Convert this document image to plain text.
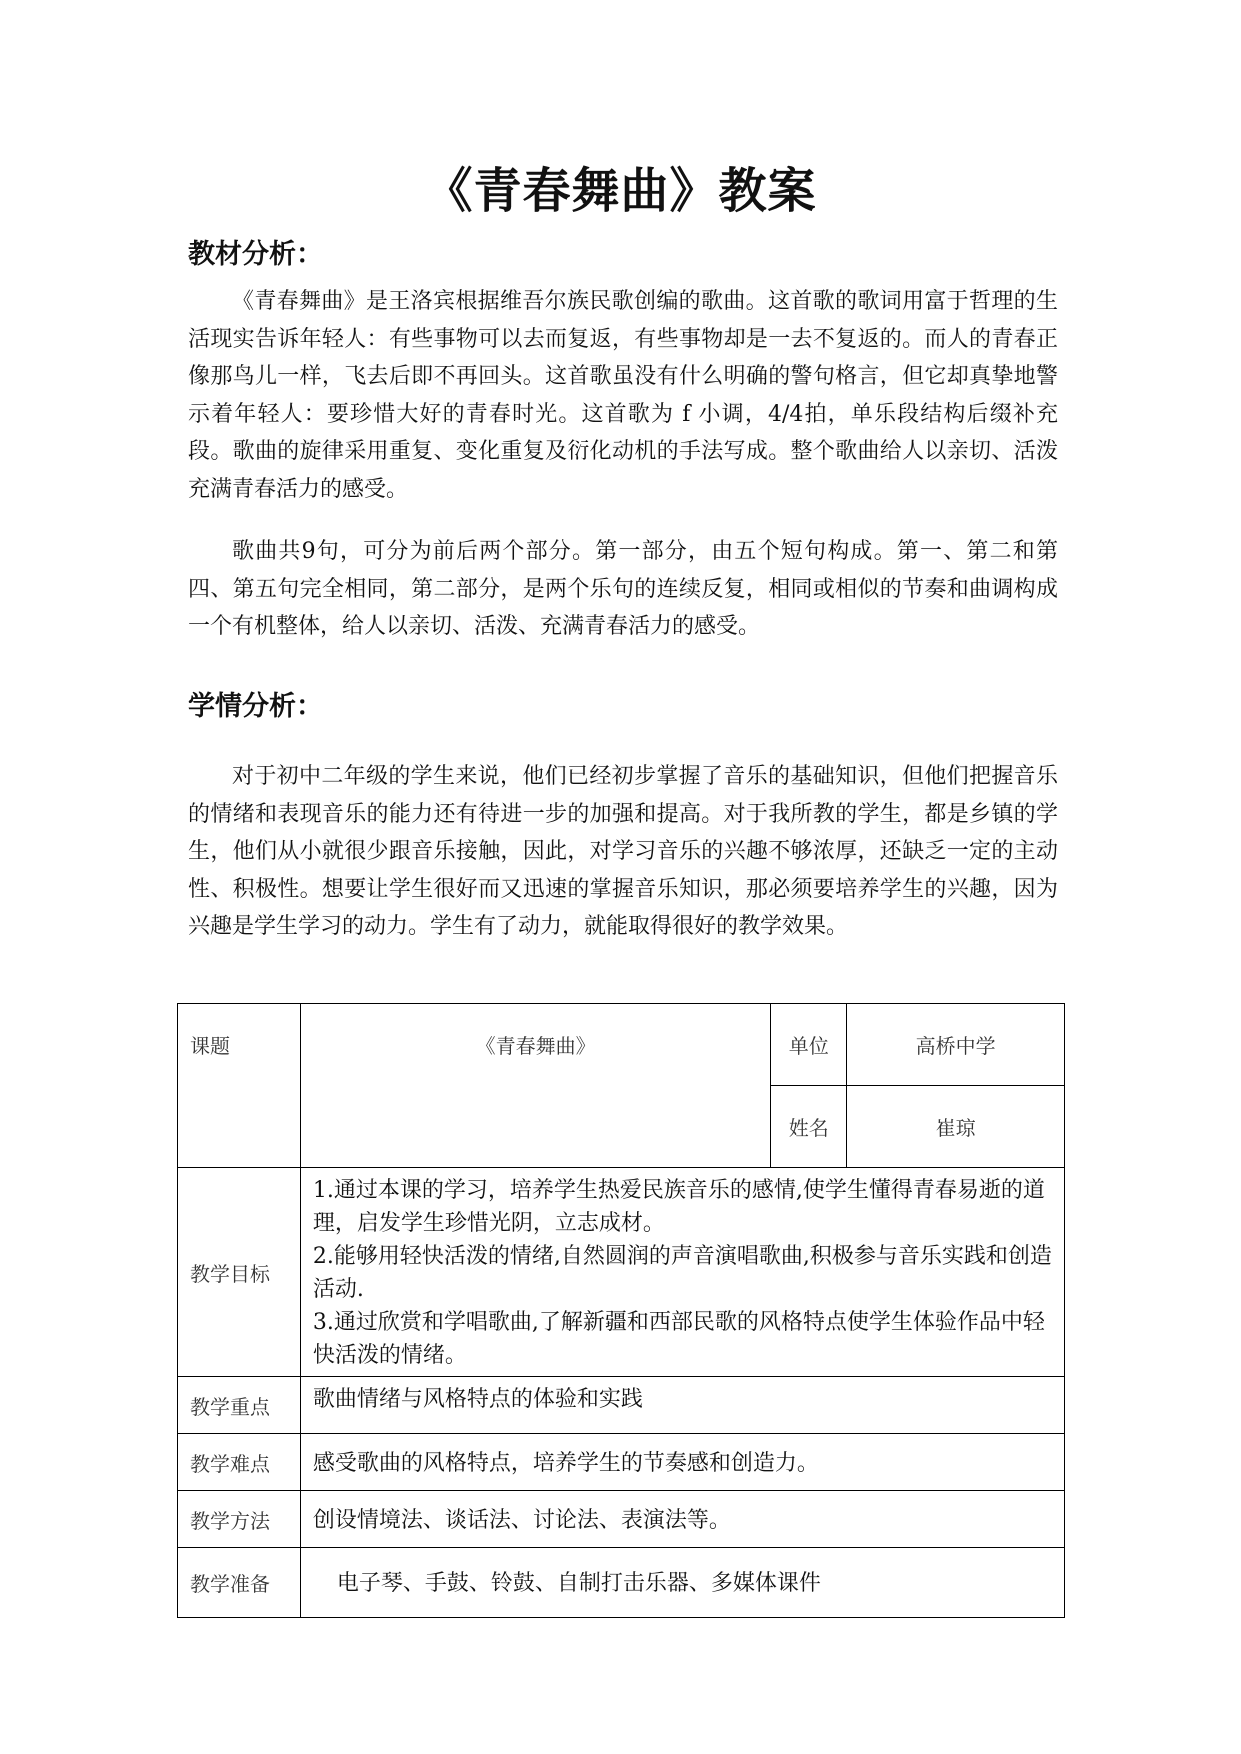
《青春舞曲》教案
教材分析：

《青春舞曲》是王洛宾根据维吾尔族民歌创编的歌曲。这首歌的歌词用富于哲理的生活现实告诉年轻人：有些事物可以去而复返，有些事物却是一去不复返的。而人的青春正像那鸟儿一样，飞去后即不再回头。这首歌虽没有什么明确的警句格言，但它却真挚地警示着年轻人：要珍惜大好的青春时光。这首歌为 f 小调，4/4拍，单乐段结构后缀补充段。歌曲的旋律采用重复、变化重复及衍化动机的手法写成。整个歌曲给人以亲切、活泼充满青春活力的感受。

歌曲共9句，可分为前后两个部分。第一部分，由五个短句构成。第一、第二和第四、第五句完全相同，第二部分，是两个乐句的连续反复，相同或相似的节奏和曲调构成一个有机整体，给人以亲切、活泼、充满青春活力的感受。

学情分析：

对于初中二年级的学生来说，他们已经初步掌握了音乐的基础知识，但他们把握音乐的情绪和表现音乐的能力还有待进一步的加强和提高。对于我所教的学生，都是乡镇的学生，他们从小就很少跟音乐接触，因此，对学习音乐的兴趣不够浓厚，还缺乏一定的主动性、积极性。想要让学生很好而又迅速的掌握音乐知识，那必须要培养学生的兴趣，因为兴趣是学生学习的动力。学生有了动力，就能取得很好的教学效果。

课题	《青春舞曲》	单位	高桥中学
		姓名	崔琼
教学目标	1.通过本课的学习，培养学生热爱民族音乐的感情,使学生懂得青春易逝的道理，启发学生珍惜光阴，立志成材。
2.能够用轻快活泼的情绪,自然圆润的声音演唱歌曲,积极参与音乐实践和创造活动.
3.通过欣赏和学唱歌曲,了解新疆和西部民歌的风格特点使学生体验作品中轻快活泼的情绪。		

教学重点	歌曲情绪与风格特点的体验和实践		
教学难点	感受歌曲的风格特点，培养学生的节奏感和创造力。		
教学方法	创设情境法、谈话法、讨论法、表演法等。		
教学准备	电子琴、手鼓、铃鼓、自制打击乐器、多媒体课件		
